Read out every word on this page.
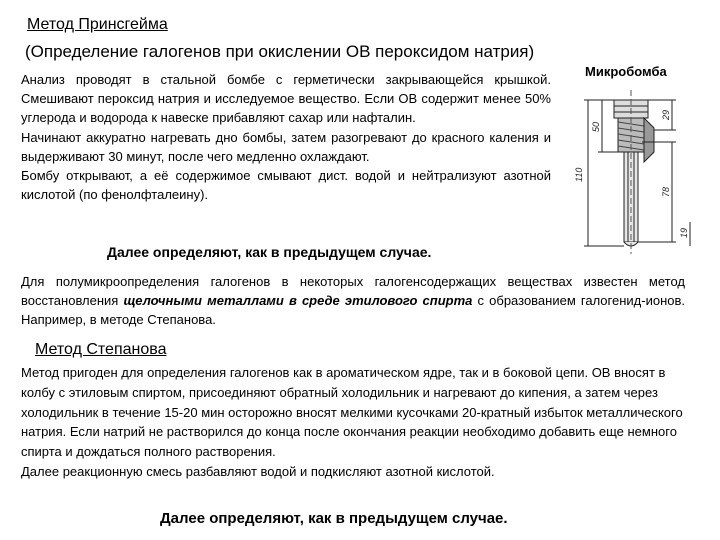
Метод Принсгейма
(Определение галогенов при окислении ОВ пероксидом натрия)
Микробомба
110
50
29
78
19
Анализ проводят в стальной бомбе с герметически закрывающейся крышкой. Смешивают пероксид натрия и исследуемое вещество. Если ОВ содержит менее 50% углерода и водорода к навеске прибавляют сахар или нафталин.
Начинают аккуратно нагревать дно бомбы, затем разогревают до красного каления и выдерживают 30 минут, после чего медленно охлаждают.
Бомбу открывают, а её содержимое смывают дист. водой и нейтрализуют азотной кислотой (по фенолфталеину).
Далее определяют, как в предыдущем случае.
Для полумикроопределения галогенов в некоторых галогенсодержащих веществах известен метод восстановления щелочными металлами в среде этилового спирта с образованием галогенид-ионов. Например, в методе Степанова.
Метод Степанова
Метод пригоден для определения галогенов как в ароматическом ядре, так и в боковой цепи. ОВ вносят в колбу с этиловым спиртом, присоединяют обратный холодильник и нагревают до кипения, а затем через холодильник в течение 15-20 мин осторожно вносят мелкими кусочками 20-кратный избыток металлического натрия. Если натрий не растворился до конца после окончания реакции необходимо добавить еще немного спирта и дождаться полного растворения.
Далее реакционную смесь разбавляют водой и подкисляют азотной кислотой.
Далее определяют, как в предыдущем случае.
